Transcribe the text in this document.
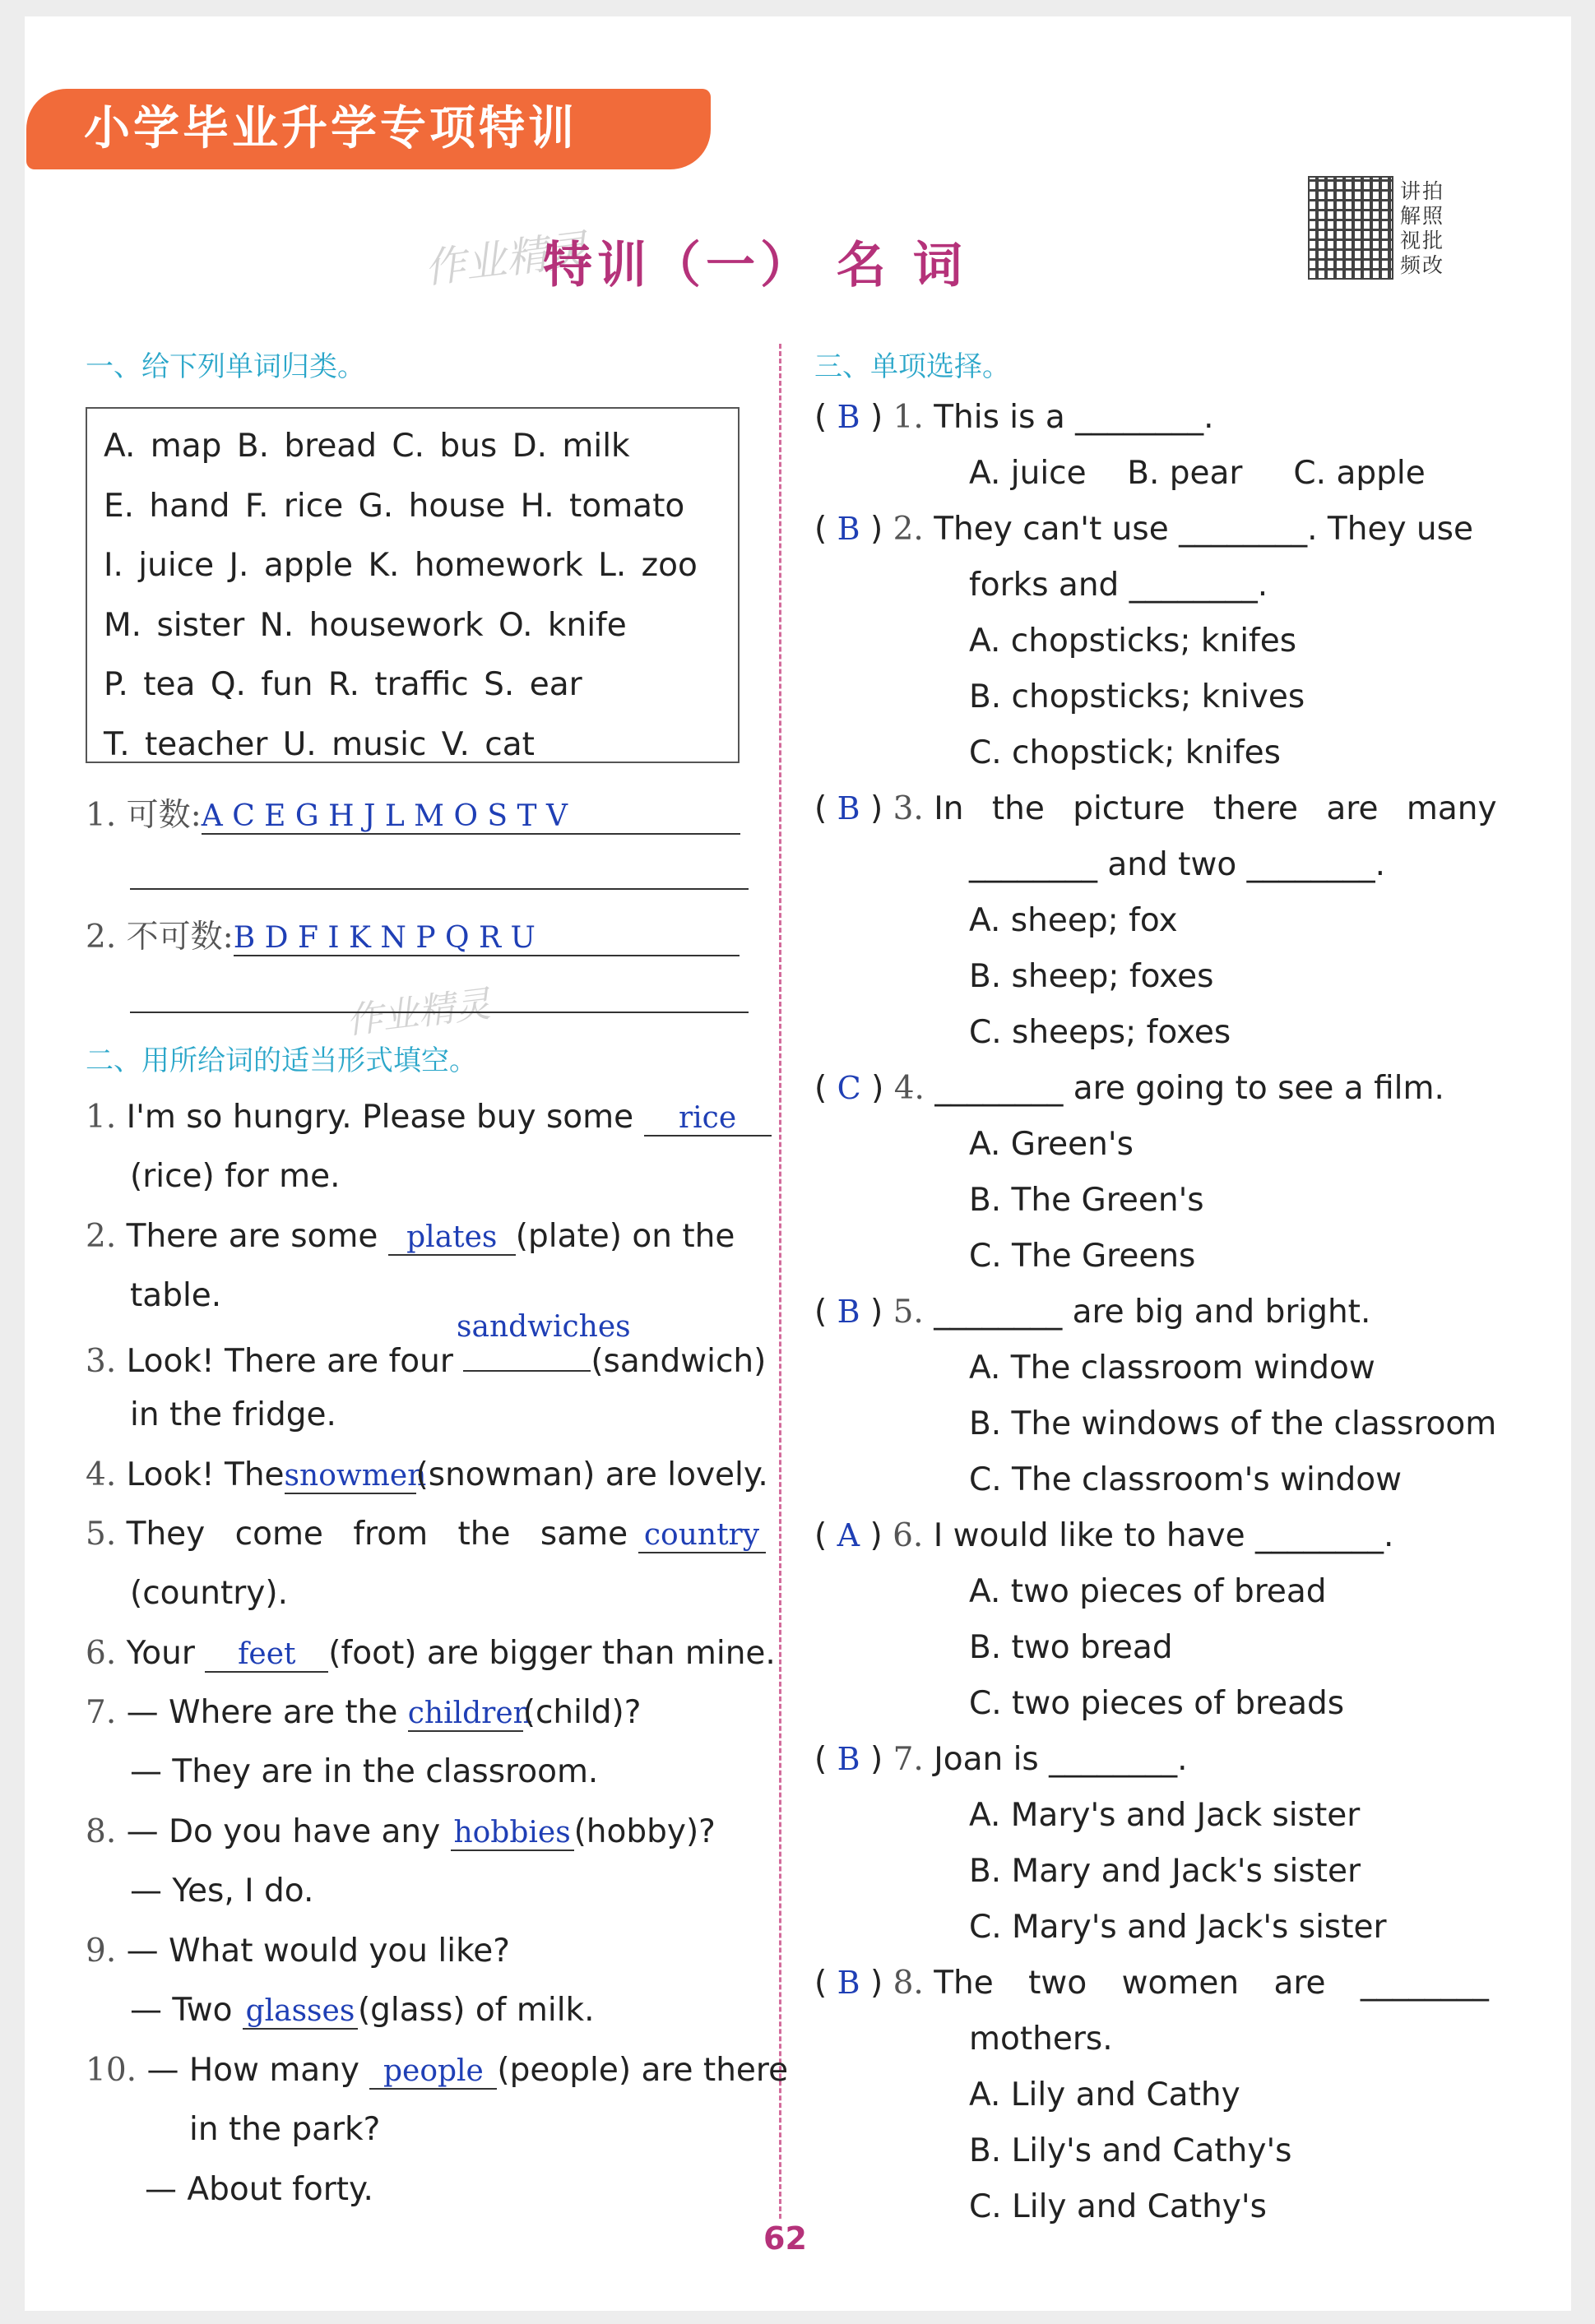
小学毕业升学专项特训
作业精灵
特训（一） 名 词
讲拍
解照
视批
频改
一、给下列单词归类。
A. map B. bread C. bus D. milk
E. hand F. rice G. house H. tomato
I. juice J. apple K. homework L. zoo
M. sister N. housework O. knife
P. tea Q. fun R. traffic S. ear
T. teacher U. music V. cat
1. 可数:A C E G H J L M O S T V
2. 不可数:B D F I K N P Q R U
作业精灵
二、用所给词的适当形式填空。
1. I'm so hungry. Please buy some rice
(rice) for me.
2. There are some plates (plate) on the
table.
sandwiches
3. Look! There are four	(sandwich)
in the fridge.
4. Look! Thesnowmen(snowman) are lovely.
5. They come from the same country
(country).
6. Your feet (foot) are bigger than mine.
7. — Where are the children(child)?
— They are in the classroom.
8. — Do you have any hobbies(hobby)?
— Yes, I do.
9. — What would you like?
— Two glasses(glass) of milk.
10. — How many people (people) are there
in the park?
— About forty.
三、单项选择。
( B ) 1. This is a ________.
A. juice    B. pear     C. apple
( B ) 2. They can't use ________. They use
forks and ________.
A. chopsticks; knifes
B. chopsticks; knives
C. chopstick; knifes
( B ) 3. In the picture there are many
________ and two ________.
A. sheep; fox
B. sheep; foxes
C. sheeps; foxes
( C ) 4. ________ are going to see a film.
A. Green's
B. The Green's
C. The Greens
( B ) 5. ________ are big and bright.
A. The classroom window
B. The windows of the classroom
C. The classroom's window
( A ) 6. I would like to have ________.
A. two pieces of bread
B. two bread
C. two pieces of breads
( B ) 7. Joan is ________.
A. Mary's and Jack sister
B. Mary and Jack's sister
C. Mary's and Jack's sister
( B ) 8. The two women are ________
mothers.
A. Lily and Cathy
B. Lily's and Cathy's
C. Lily and Cathy's
62
